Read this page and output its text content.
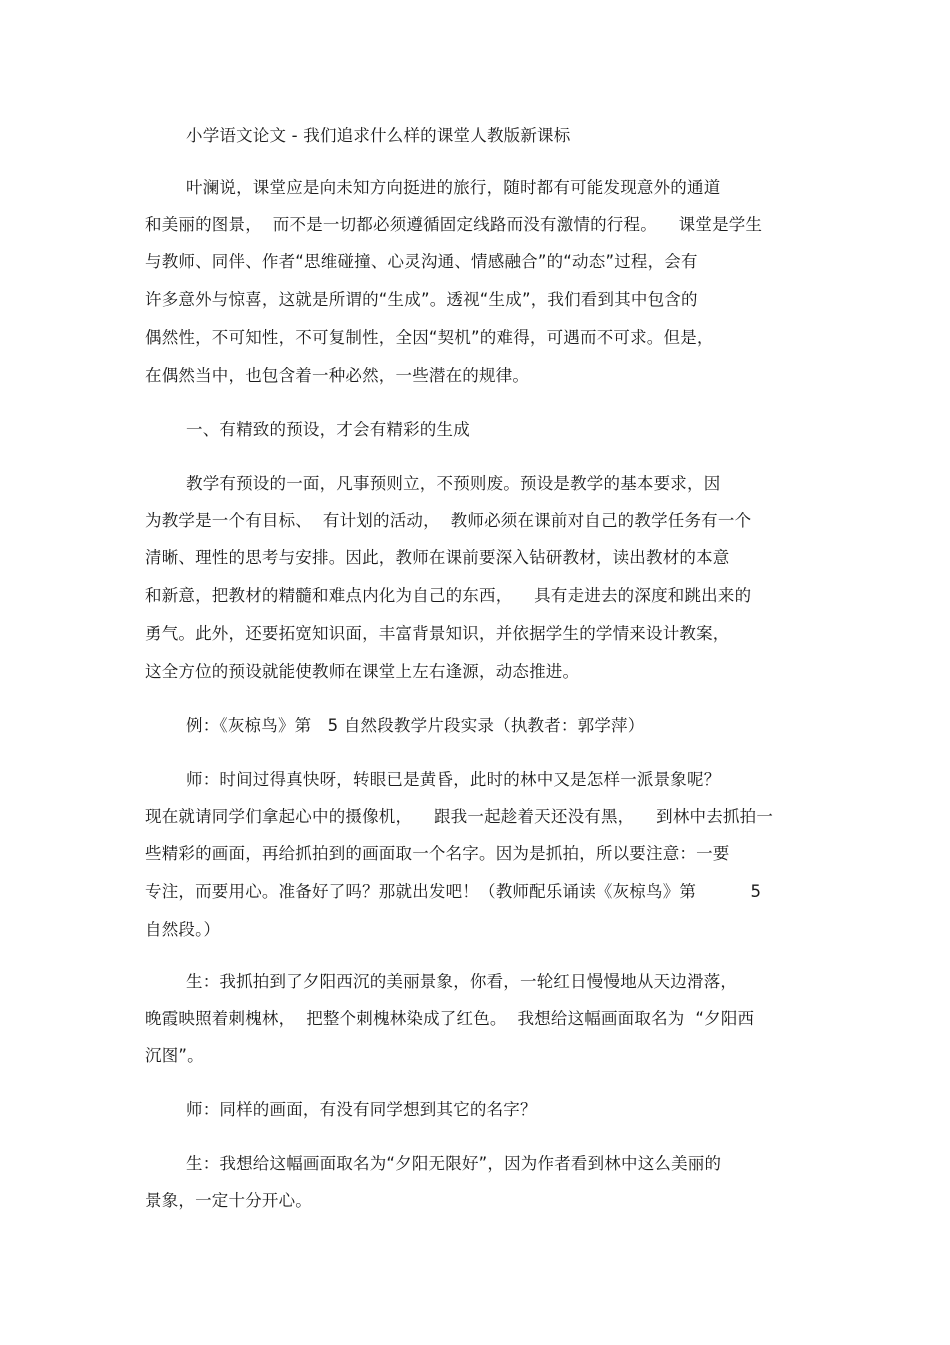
小学语文论文 - 我们追求什么样的课堂人教版新课标
叶澜说，课堂应是向未知方向挺进的旅行，随时都有可能发现意外的通道
和美丽的图景，  而不是一切都必须遵循固定线路而没有激情的行程。    课堂是学生
与教师、同伴、作者“思维碰撞、心灵沟通、情感融合”的“动态”过程，会有
许多意外与惊喜，这就是所谓的“生成”。透视“生成”，我们看到其中包含的
偶然性，不可知性，不可复制性，全因“契机”的难得，可遇而不可求。但是，
在偶然当中，也包含着一种必然，一些潜在的规律。
一、有精致的预设，才会有精彩的生成
教学有预设的一面，凡事预则立，不预则废。预设是教学的基本要求，因
为教学是一个有目标、  有计划的活动，  教师必须在课前对自己的教学任务有一个
清晰、理性的思考与安排。因此，教师在课前要深入钻研教材，读出教材的本意
和新意，把教材的精髓和难点内化为自己的东西，    具有走进去的深度和跳出来的
勇气。此外，还要拓宽知识面，丰富背景知识，并依据学生的学情来设计教案，
这全方位的预设就能使教师在课堂上左右逢源，动态推进。
例：《灰椋鸟》第   5 自然段教学片段实录（执教者：郭学萍）
师：时间过得真快呀，转眼已是黄昏，此时的林中又是怎样一派景象呢？
现在就请同学们拿起心中的摄像机，    跟我一起趁着天还没有黑，    到林中去抓拍一
些精彩的画面，再给抓拍到的画面取一个名字。因为是抓拍，所以要注意：一要
专注，而要用心。准备好了吗？那就出发吧！（教师配乐诵读《灰椋鸟》第          5
自然段。）
生：我抓拍到了夕阳西沉的美丽景象，你看，一轮红日慢慢地从天边滑落，
晚霞映照着刺槐林，  把整个刺槐林染成了红色。  我想给这幅画面取名为  “夕阳西
沉图”。
师：同样的画面，有没有同学想到其它的名字？
生：我想给这幅画面取名为“夕阳无限好”，因为作者看到林中这么美丽的
景象，一定十分开心。
